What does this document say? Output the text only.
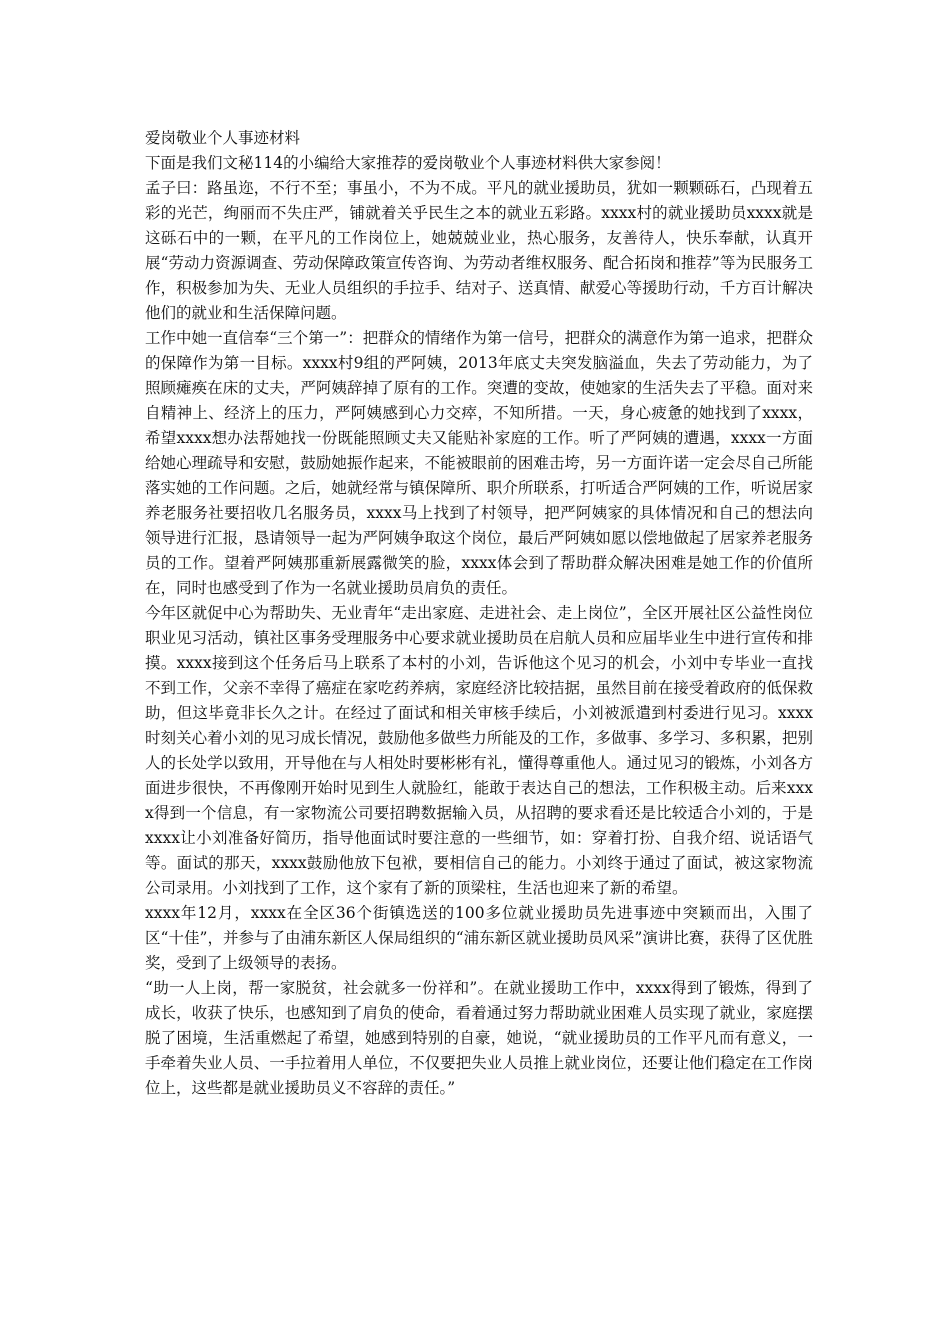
爱岗敬业个人事迹材料

下面是我们文秘114的小编给大家推荐的爱岗敬业个人事迹材料供大家参阅！

孟子曰：路虽迩，不行不至；事虽小，不为不成。平凡的就业援助员，犹如一颗颗砾石，凸现着五彩的光芒，绚丽而不失庄严，铺就着关乎民生之本的就业五彩路。xxxx村的就业援助员xxxx就是这砾石中的一颗，在平凡的工作岗位上，她兢兢业业，热心服务，友善待人，快乐奉献，认真开展“劳动力资源调查、劳动保障政策宣传咨询、为劳动者维权服务、配合拓岗和推荐”等为民服务工作，积极参加为失、无业人员组织的手拉手、结对子、送真情、献爱心等援助行动，千方百计解决他们的就业和生活保障问题。

工作中她一直信奉“三个第一”：把群众的情绪作为第一信号，把群众的满意作为第一追求，把群众的保障作为第一目标。xxxx村9组的严阿姨，2013年底丈夫突发脑溢血，失去了劳动能力，为了照顾瘫痪在床的丈夫，严阿姨辞掉了原有的工作。突遭的变故，使她家的生活失去了平稳。面对来自精神上、经济上的压力，严阿姨感到心力交瘁，不知所措。一天，身心疲惫的她找到了xxxx，希望xxxx想办法帮她找一份既能照顾丈夫又能贴补家庭的工作。听了严阿姨的遭遇，xxxx一方面给她心理疏导和安慰，鼓励她振作起来，不能被眼前的困难击垮，另一方面许诺一定会尽自己所能落实她的工作问题。之后，她就经常与镇保障所、职介所联系，打听适合严阿姨的工作，听说居家养老服务社要招收几名服务员，xxxx马上找到了村领导，把严阿姨家的具体情况和自己的想法向领导进行汇报，恳请领导一起为严阿姨争取这个岗位，最后严阿姨如愿以偿地做起了居家养老服务员的工作。望着严阿姨那重新展露微笑的脸，xxxx体会到了帮助群众解决困难是她工作的价值所在，同时也感受到了作为一名就业援助员肩负的责任。

今年区就促中心为帮助失、无业青年“走出家庭、走进社会、走上岗位”，全区开展社区公益性岗位职业见习活动，镇社区事务受理服务中心要求就业援助员在启航人员和应届毕业生中进行宣传和排摸。xxxx接到这个任务后马上联系了本村的小刘，告诉他这个见习的机会，小刘中专毕业一直找不到工作，父亲不幸得了癌症在家吃药养病，家庭经济比较拮据，虽然目前在接受着政府的低保救助，但这毕竟非长久之计。在经过了面试和相关审核手续后，小刘被派遣到村委进行见习。xxxx时刻关心着小刘的见习成长情况，鼓励他多做些力所能及的工作，多做事、多学习、多积累，把别人的长处学以致用，开导他在与人相处时要彬彬有礼，懂得尊重他人。通过见习的锻炼，小刘各方面进步很快，不再像刚开始时见到生人就脸红，能敢于表达自己的想法，工作积极主动。后来xxxx得到一个信息，有一家物流公司要招聘数据输入员，从招聘的要求看还是比较适合小刘的，于是xxxx让小刘准备好简历，指导他面试时要注意的一些细节，如：穿着打扮、自我介绍、说话语气等。面试的那天，xxxx鼓励他放下包袱，要相信自己的能力。小刘终于通过了面试，被这家物流公司录用。小刘找到了工作，这个家有了新的顶梁柱，生活也迎来了新的希望。

xxxx年12月，xxxx在全区36个街镇选送的100多位就业援助员先进事迹中突颖而出，入围了区“十佳”，并参与了由浦东新区人保局组织的“浦东新区就业援助员风采”演讲比赛，获得了区优胜奖，受到了上级领导的表扬。

“助一人上岗，帮一家脱贫，社会就多一份祥和”。在就业援助工作中，xxxx得到了锻炼，得到了成长，收获了快乐，也感知到了肩负的使命，看着通过努力帮助就业困难人员实现了就业，家庭摆脱了困境，生活重燃起了希望，她感到特别的自豪，她说，“就业援助员的工作平凡而有意义，一手牵着失业人员、一手拉着用人单位，不仅要把失业人员推上就业岗位，还要让他们稳定在工作岗位上，这些都是就业援助员义不容辞的责任。”
